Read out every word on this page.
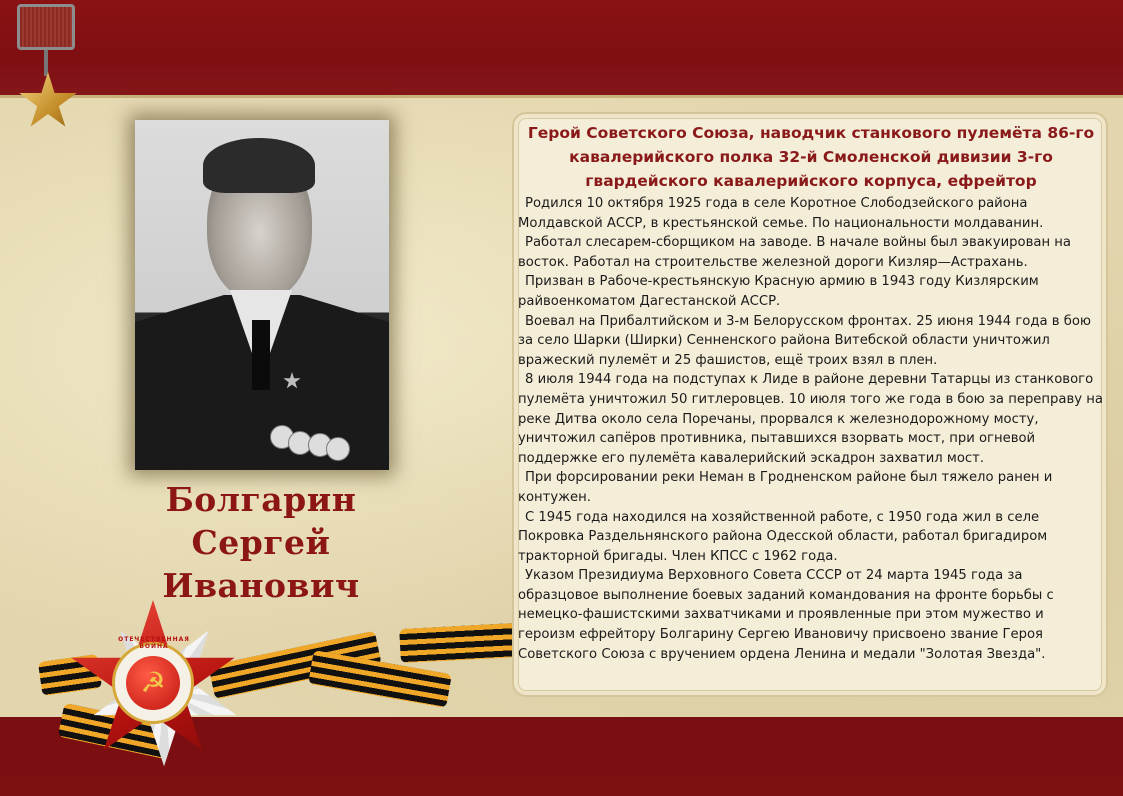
Болгарин
Сергей
Иванович
ОТЕЧЕСТВЕННАЯ ВОЙНА
☭
Герой Советского Союза, наводчик станкового пулемёта 86-го кавалерийского полка 32-й Смоленской дивизии 3-го гвардейского кавалерийского корпуса, ефрейтор

Родился 10 октября 1925 года в селе Коротное Слободзейского района Молдавской АССР, в крестьянской семье. По национальности молдаванин.

Работал слесарем-сборщиком на заводе. В начале войны был эвакуирован на восток. Работал на строительстве железной дороги Кизляр—Астрахань.

Призван в Рабоче-крестьянскую Красную армию в 1943 году Кизлярским райвоенкоматом Дагестанской АССР.

Воевал на Прибалтийском и 3-м Белорусском фронтах. 25 июня 1944 года в бою за село Шарки (Ширки) Сенненского района Витебской области уничтожил вражеский пулемёт и 25 фашистов, ещё троих взял в плен.

8 июля 1944 года на подступах к Лиде в районе деревни Татарцы из станкового пулемёта уничтожил 50 гитлеровцев. 10 июля того же года в бою за переправу на реке Дитва около села Поречаны, прорвался к железнодорожному мосту, уничтожил сапёров противника, пытавшихся взорвать мост, при огневой поддержке его пулемёта кавалерийский эскадрон захватил мост.

При форсировании реки Неман в Гродненском районе был тяжело ранен и контужен.

С 1945 года находился на хозяйственной работе, с 1950 года жил в селе Покровка Раздельнянского района Одесской области, работал бригадиром тракторной бригады. Член КПСС с 1962 года.

Указом Президиума Верховного Совета СССР от 24 марта 1945 года за образцовое выполнение боевых заданий командования на фронте борьбы с немецко-фашистскими захватчиками и проявленные при этом мужество и героизм ефрейтору Болгарину Сергею Ивановичу присвоено звание Героя Советского Союза с вручением ордена Ленина и медали "Золотая Звезда".
